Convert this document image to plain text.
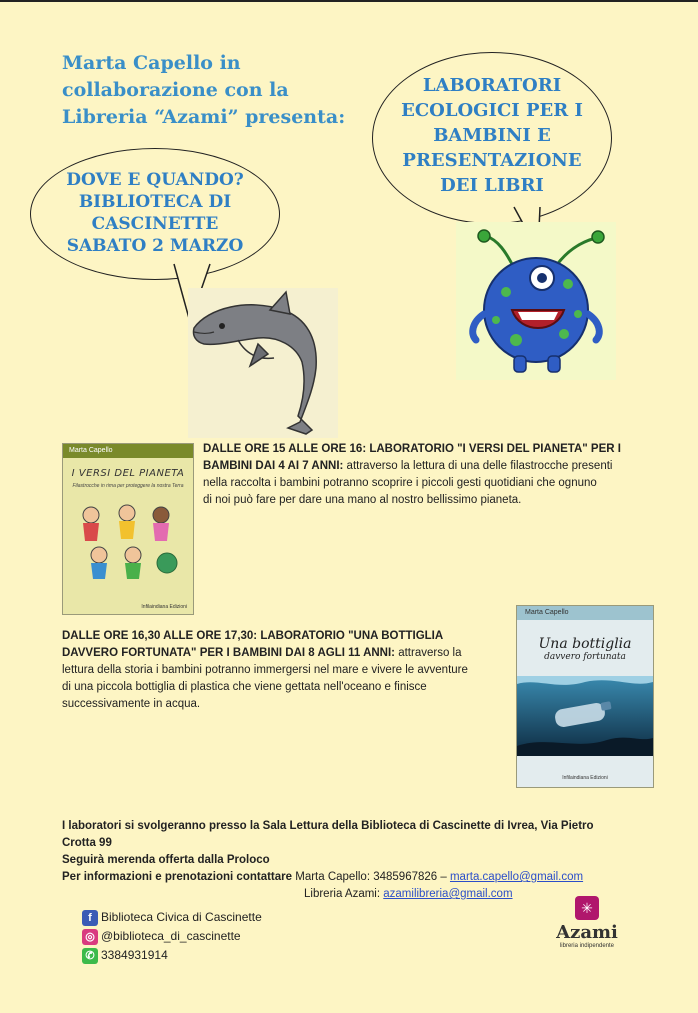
Marta Capello in
collaborazione con la
Libreria “Azami” presenta:
DOVE E QUANDO?
BIBLIOTECA DI
CASCINETTE
SABATO 2 MARZO
LABORATORI
ECOLOGICI PER I
BAMBINI E
PRESENTAZIONE
DEI LIBRI
Marta Capello
I VERSI DEL PIANETA
Filastrocche in rima per proteggere la nostra Terra
Infilaindiana Edizioni
DALLE ORE 15 ALLE ORE 16: LABORATORIO "I VERSI DEL PIANETA" PER I
BAMBINI DAI 4 AI 7 ANNI: attraverso la lettura di una delle filastrocche presenti
nella raccolta i bambini potranno scoprire i piccoli gesti quotidiani che ognuno
di noi può fare per dare una mano al nostro bellissimo pianeta.
DALLE ORE 16,30 ALLE ORE 17,30: LABORATORIO "UNA BOTTIGLIA
DAVVERO FORTUNATA" PER I BAMBINI DAI 8 AGLI 11 ANNI: attraverso la
lettura della storia i bambini potranno immergersi nel mare e vivere le avventure
di una piccola bottiglia di plastica che viene gettata nell'oceano e finisce
successivamente in acqua.
Marta Capello
Una bottiglia
davvero fortunata
Infilaindiana Edizioni
I laboratori si svolgeranno presso la Sala Lettura della Biblioteca di Cascinette di Ivrea, Via Pietro
Crotta 99
Seguirà merenda offerta dalla Proloco
Per informazioni e prenotazioni contattare Marta Capello: 3485967826 – marta.capello@gmail.com
Libreria Azami: azamilibreria@gmail.com
f Biblioteca Civica di Cascinette
◎ @biblioteca_di_cascinette
✆ 3384931914
✳
Azami
libreria indipendente
